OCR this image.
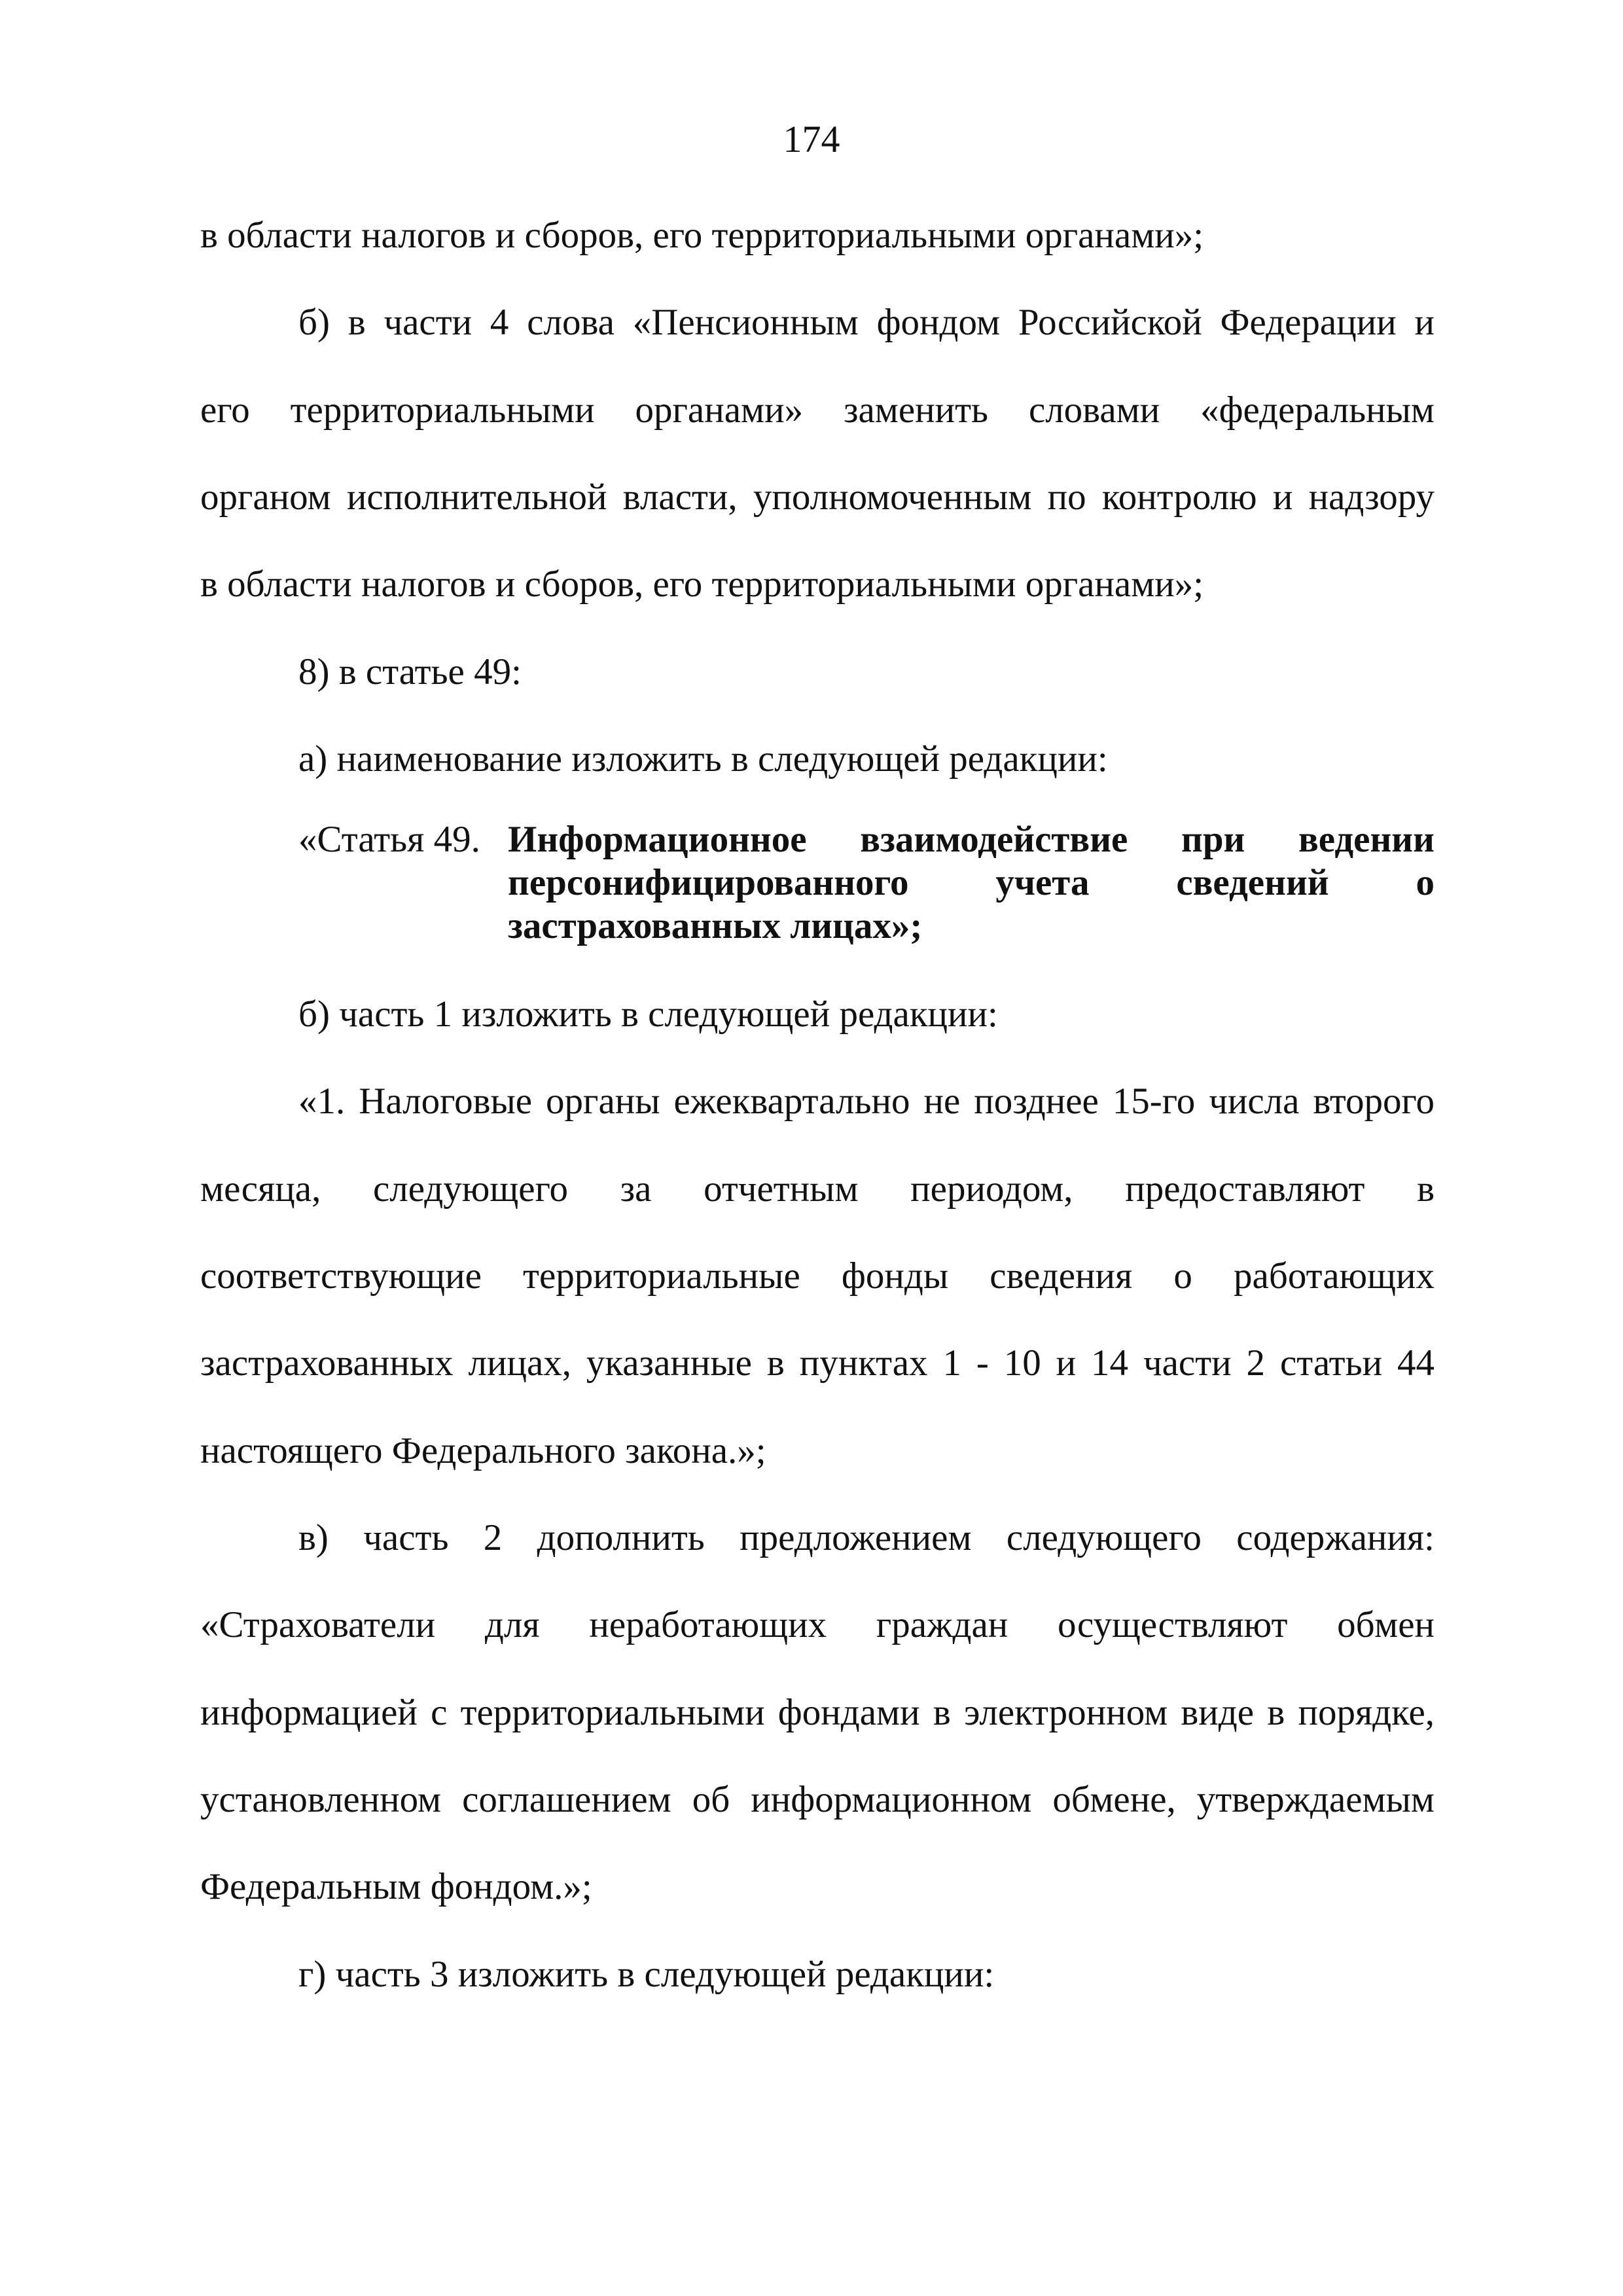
174
в области налогов и сборов, его территориальными органами»;
б) в части 4 слова «Пенсионным фондом Российской Федерации и
его территориальными органами» заменить словами «федеральным
органом исполнительной власти, уполномоченным по контролю и надзору
в области налогов и сборов, его территориальными органами»;
8) в статье 49:
а) наименование изложить в следующей редакции:
«Статья 49. Информационное взаимодействие при ведении
персонифицированного учета сведений о
застрахованных лицах»;
б) часть 1 изложить в следующей редакции:
«1. Налоговые органы ежеквартально не позднее 15-го числа второго
месяца, следующего за отчетным периодом, предоставляют в
соответствующие территориальные фонды сведения о работающих
застрахованных лицах, указанные в пунктах 1 - 10 и 14 части 2 статьи 44
настоящего Федерального закона.»;
в) часть 2 дополнить предложением следующего содержания:
«Страхователи для неработающих граждан осуществляют обмен
информацией с территориальными фондами в электронном виде в порядке,
установленном соглашением об информационном обмене, утверждаемым
Федеральным фондом.»;
г) часть 3 изложить в следующей редакции:
